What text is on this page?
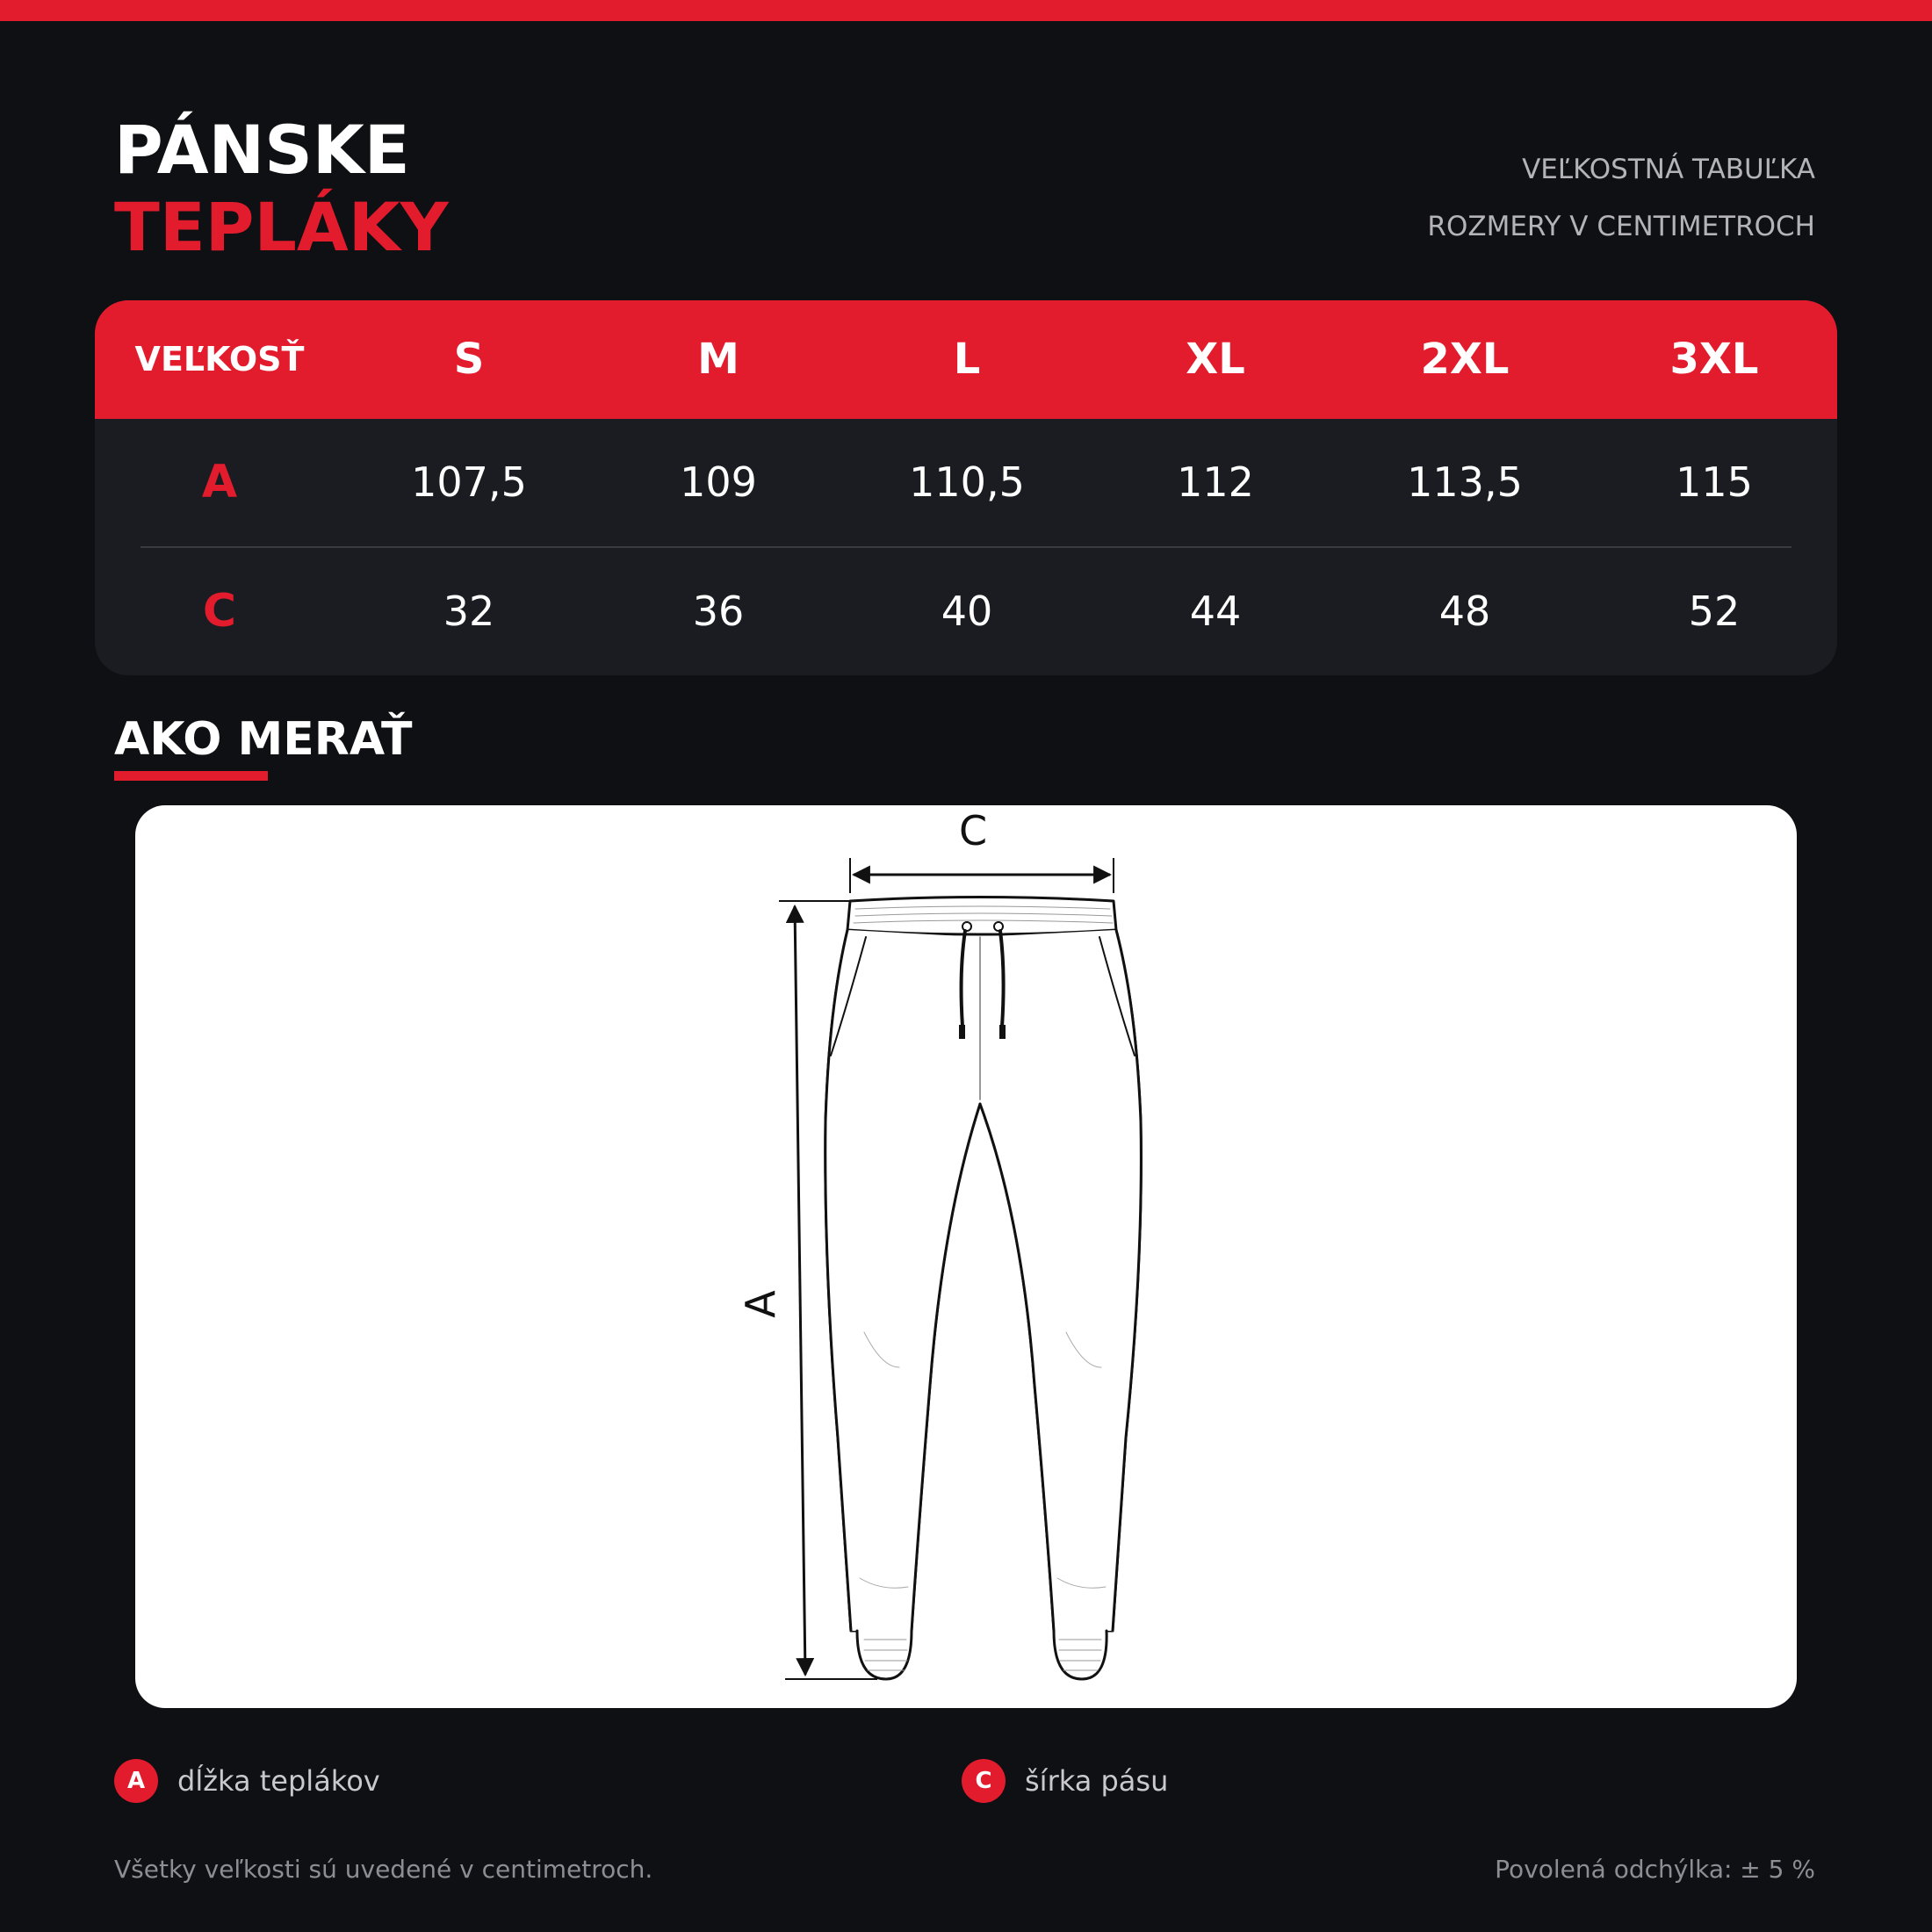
PÁNSKE
TEPLÁKY
VEĽKOSTNÁ TABUĽKA
ROZMERY V CENTIMETROCH
VEĽKOSŤ	S	M	L	XL	2XL	3XL
A	107,5	109	110,5	112	113,5	115
C	32	36	40	44	48	52
AKO MERAŤ
C
A
A	dĺžka teplákov	C	šírka pásu
Všetky veľkosti sú uvedené v centimetroch.	Povolená odchýlka: ± 5 %
